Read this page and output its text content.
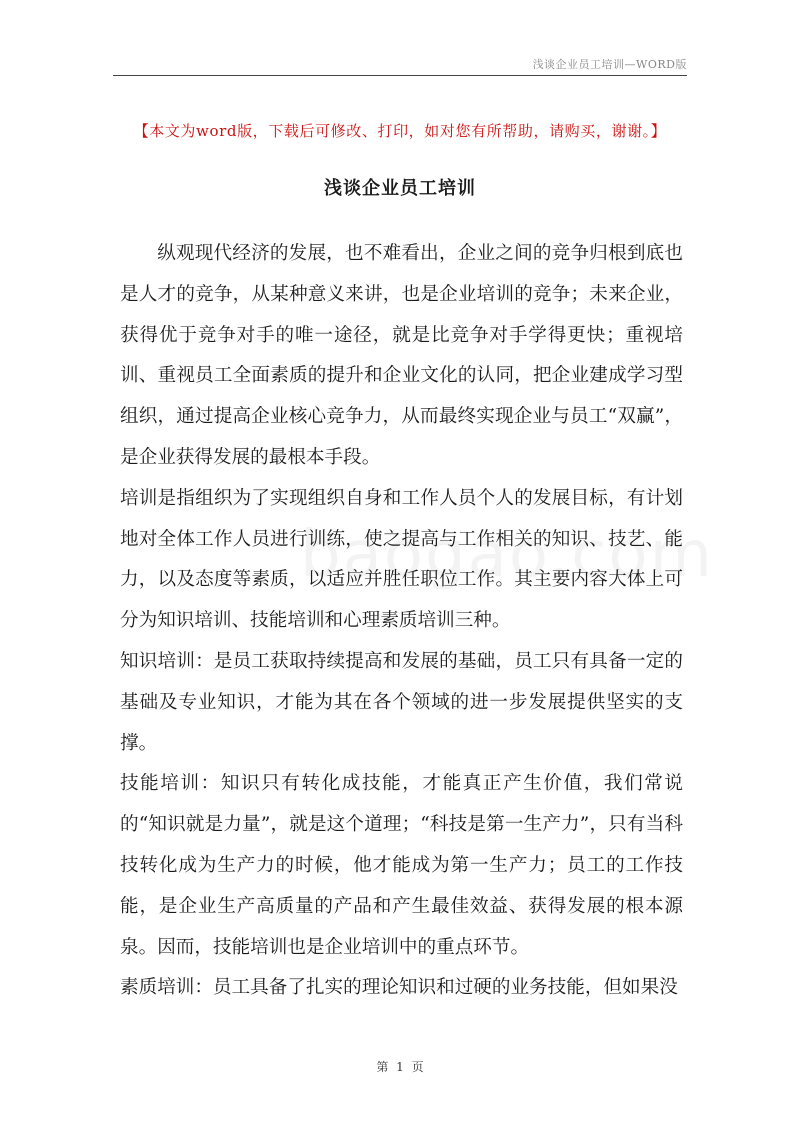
浅谈企业员工培训—WORD版
【本文为word版，下载后可修改、打印，如对您有所帮助，请购买，谢谢。】
浅谈企业员工培训

纵观现代经济的发展，也不难看出，企业之间的竞争归根到底也是人才的竞争，从某种意义来讲，也是企业培训的竞争；未来企业，获得优于竞争对手的唯一途径，就是比竞争对手学得更快；重视培训、重视员工全面素质的提升和企业文化的认同，把企业建成学习型组织，通过提高企业核心竞争力，从而最终实现企业与员工“双赢”，是企业获得发展的最根本手段。

培训是指组织为了实现组织自身和工作人员个人的发展目标，有计划地对全体工作人员进行训练，使之提高与工作相关的知识、技艺、能力，以及态度等素质，以适应并胜任职位工作。其主要内容大体上可分为知识培训、技能培训和心理素质培训三种。

知识培训：是员工获取持续提高和发展的基础，员工只有具备一定的基础及专业知识，才能为其在各个领域的进一步发展提供坚实的支撑。

技能培训：知识只有转化成技能，才能真正产生价值，我们常说的“知识就是力量”，就是这个道理；“科技是第一生产力”，只有当科技转化成为生产力的时候，他才能成为第一生产力；员工的工作技能，是企业生产高质量的产品和产生最佳效益、获得发展的根本源泉。因而，技能培训也是企业培训中的重点环节。

素质培训：员工具备了扎实的理论知识和过硬的业务技能，但如果没

第 1 页
